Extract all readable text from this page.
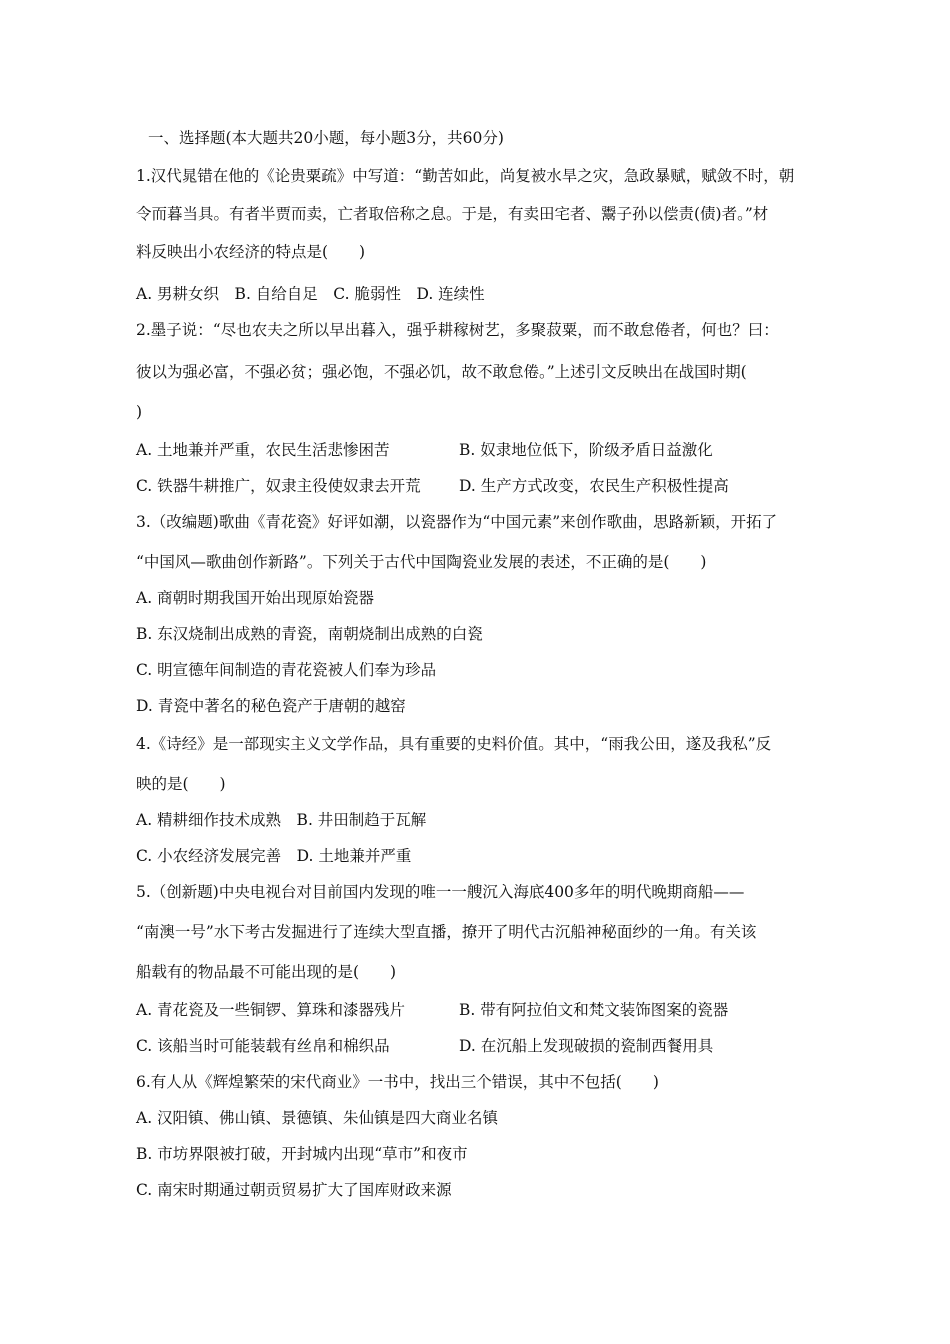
一、选择题(本大题共20小题，每小题3分，共60分)
1.汉代晁错在他的《论贵粟疏》中写道：“勤苦如此，尚复被水旱之灾，急政暴赋，赋敛不时，朝
令而暮当具。有者半贾而卖，亡者取倍称之息。于是，有卖田宅者、鬻子孙以偿责(债)者。”材
料反映出小农经济的特点是(　　)
A. 男耕女织　B. 自给自足　C. 脆弱性　D. 连续性
2.墨子说：“尽也农夫之所以早出暮入，强乎耕稼树艺，多聚菽粟，而不敢怠倦者，何也？曰：
彼以为强必富，不强必贫；强必饱，不强必饥，故不敢怠倦。”上述引文反映出在战国时期(
)
A. 土地兼并严重，农民生活悲惨困苦	B. 奴隶地位低下，阶级矛盾日益激化
C. 铁器牛耕推广，奴隶主役使奴隶去开荒 D. 生产方式改变，农民生产积极性提高
3.（改编题)歌曲《青花瓷》好评如潮，以瓷器作为“中国元素”来创作歌曲，思路新颖，开拓了
“中国风—歌曲创作新路”。下列关于古代中国陶瓷业发展的表述，不正确的是(　　)
A. 商朝时期我国开始出现原始瓷器
B. 东汉烧制出成熟的青瓷，南朝烧制出成熟的白瓷
C. 明宣德年间制造的青花瓷被人们奉为珍品
D. 青瓷中著名的秘色瓷产于唐朝的越窑
4.《诗经》是一部现实主义文学作品，具有重要的史料价值。其中，“雨我公田，遂及我私”反
映的是(　　)
A. 精耕细作技术成熟　B. 井田制趋于瓦解
C. 小农经济发展完善　D. 土地兼并严重
5.（创新题)中央电视台对目前国内发现的唯一一艘沉入海底400多年的明代晚期商船——
“南澳一号”水下考古发掘进行了连续大型直播，撩开了明代古沉船神秘面纱的一角。有关该
船载有的物品最不可能出现的是(　　)
A. 青花瓷及一些铜锣、算珠和漆器残片	B. 带有阿拉伯文和梵文装饰图案的瓷器
C. 该船当时可能装载有丝帛和棉织品	D. 在沉船上发现破损的瓷制西餐用具
6.有人从《辉煌繁荣的宋代商业》一书中，找出三个错误，其中不包括(　　)
A. 汉阳镇、佛山镇、景德镇、朱仙镇是四大商业名镇
B. 市坊界限被打破，开封城内出现“草市”和夜市
C. 南宋时期通过朝贡贸易扩大了国库财政来源
